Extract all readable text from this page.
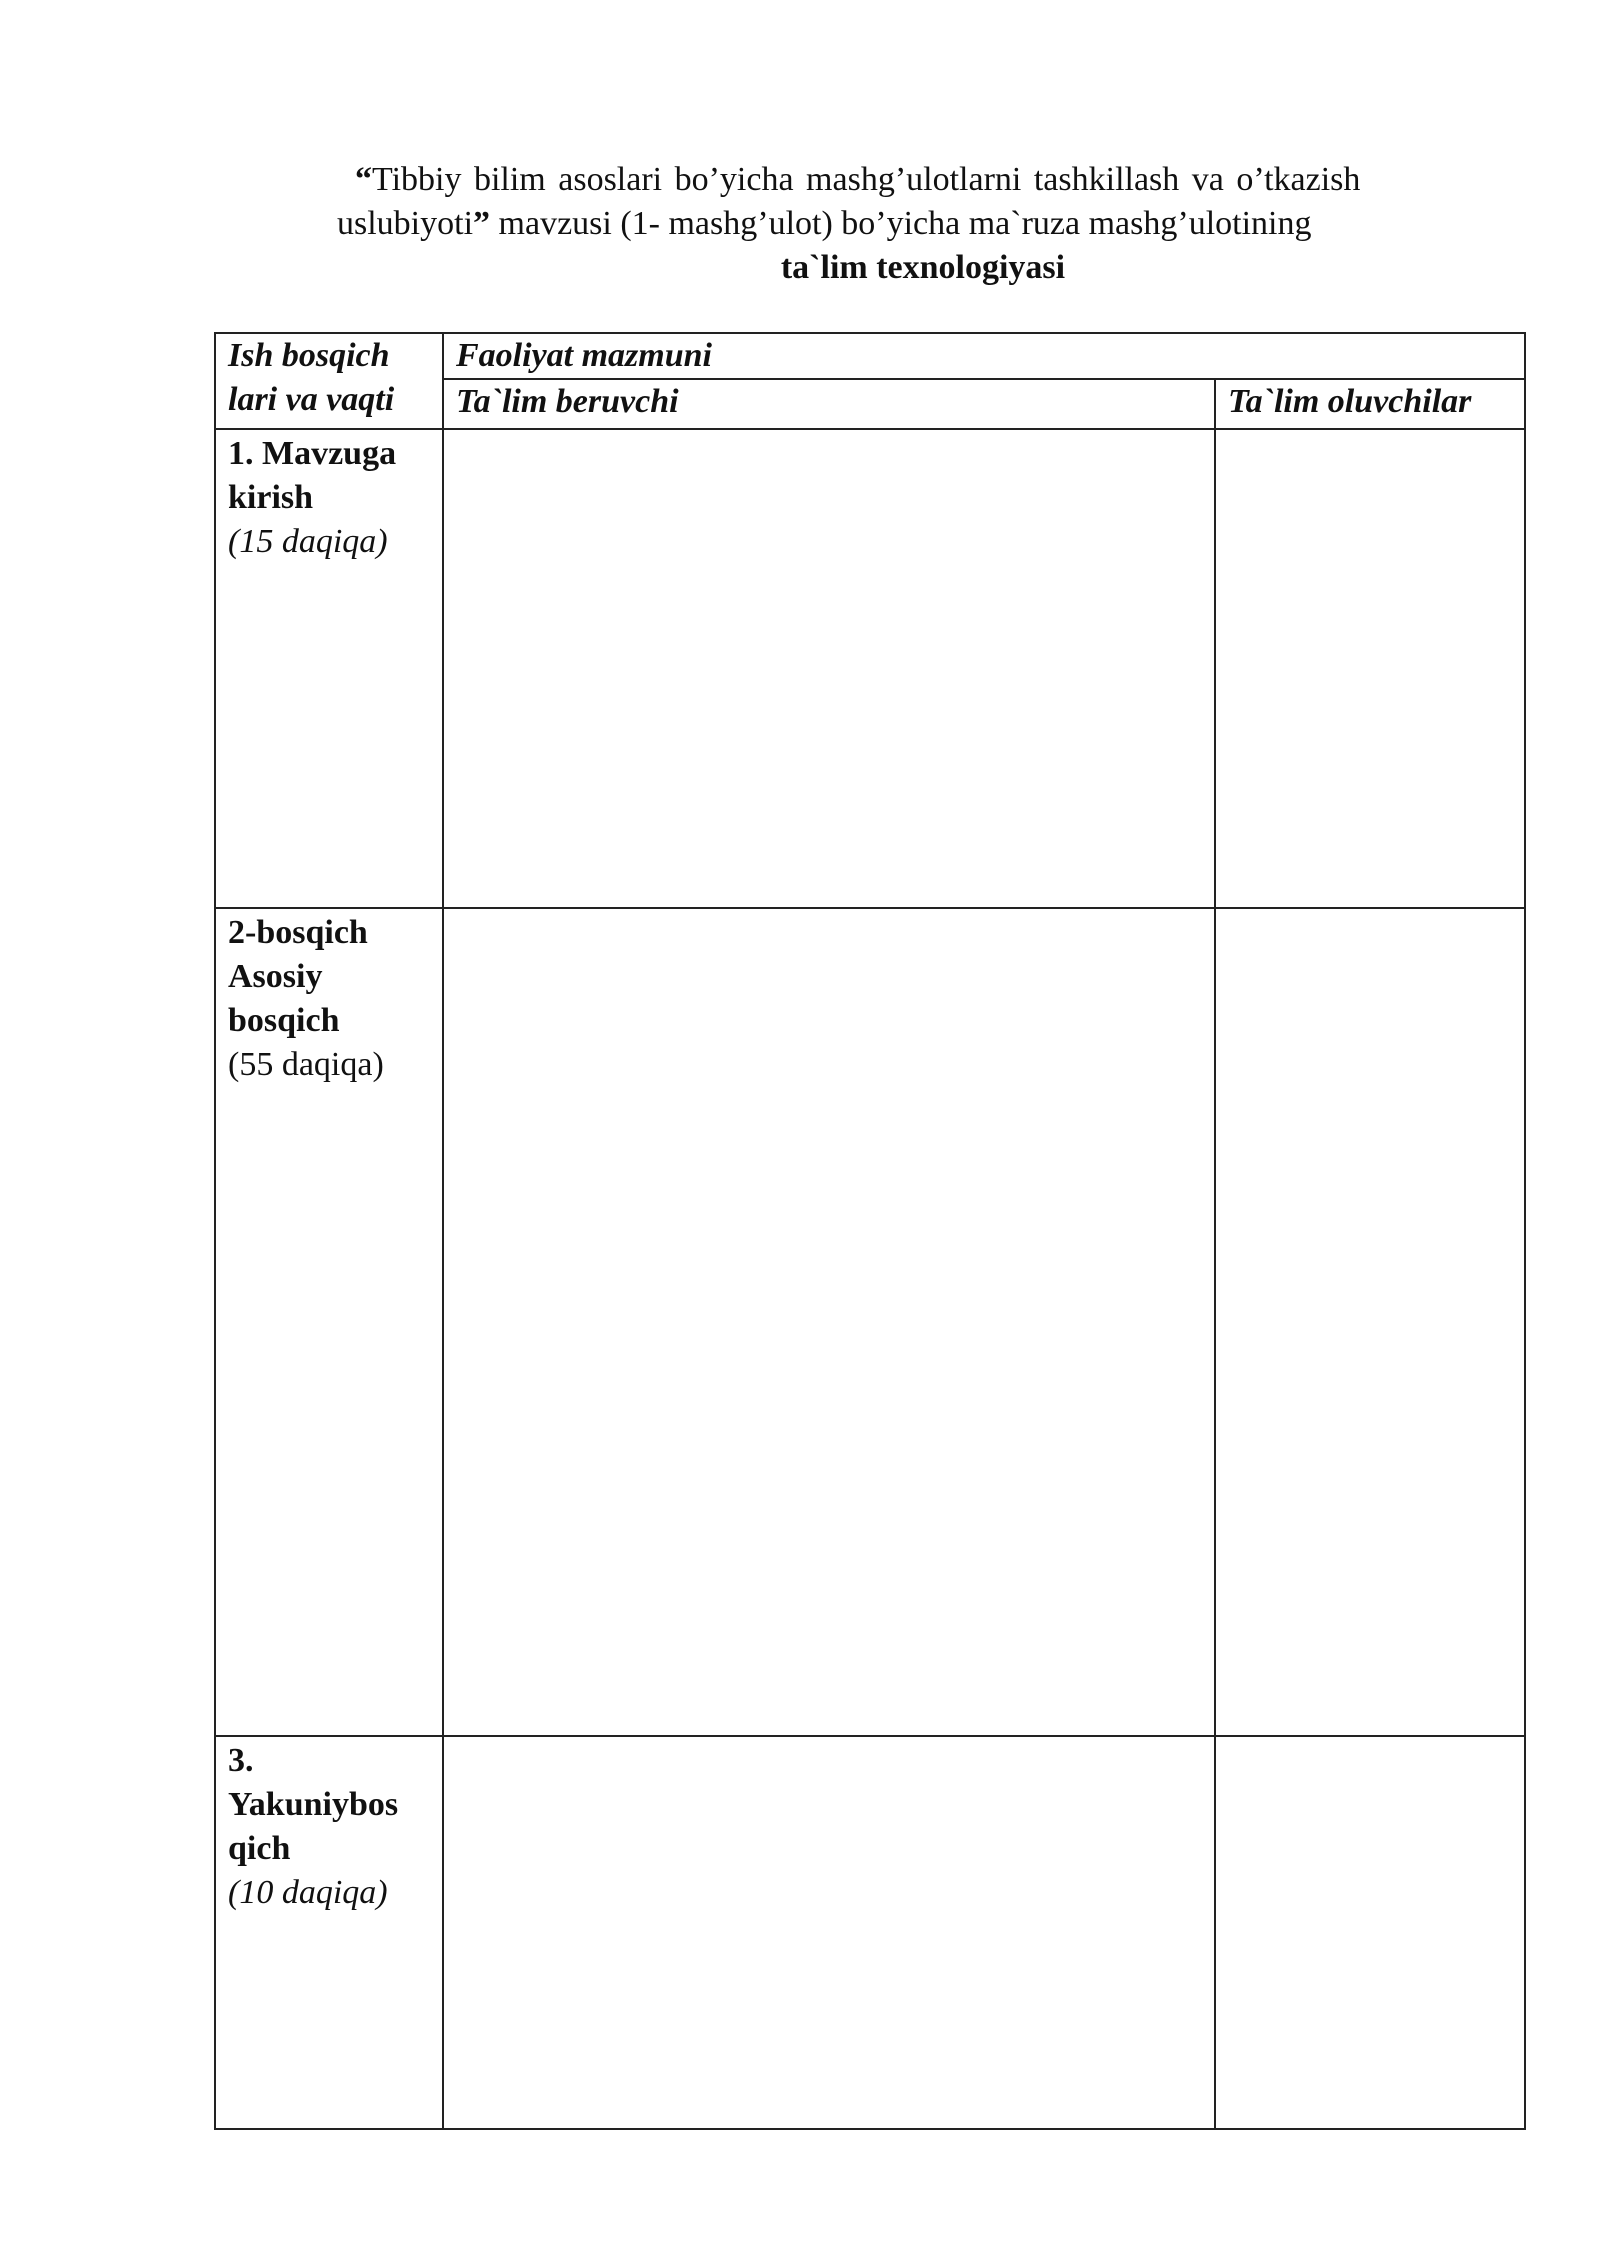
“Tibbiy bilim asoslari bo’yicha mashg’ulotlarni tashkillash va o’tkazish
uslubiyoti” mavzusi (1- mashg’ulot) bo’yicha ma`ruza mashg’ulotining
ta`lim texnologiyasi
Ish bosqich
lari va vaqti	Faoliyat mazmuni	
	Ta`lim beruvchi	Ta`lim oluvchilar

1. Mavzuga
kirish
(15 daqiqa)		

2-bosqich
Asosiy
bosqich
(55 daqiqa)		

3.
Yakuniybos
qich
(10 daqiqa)		
